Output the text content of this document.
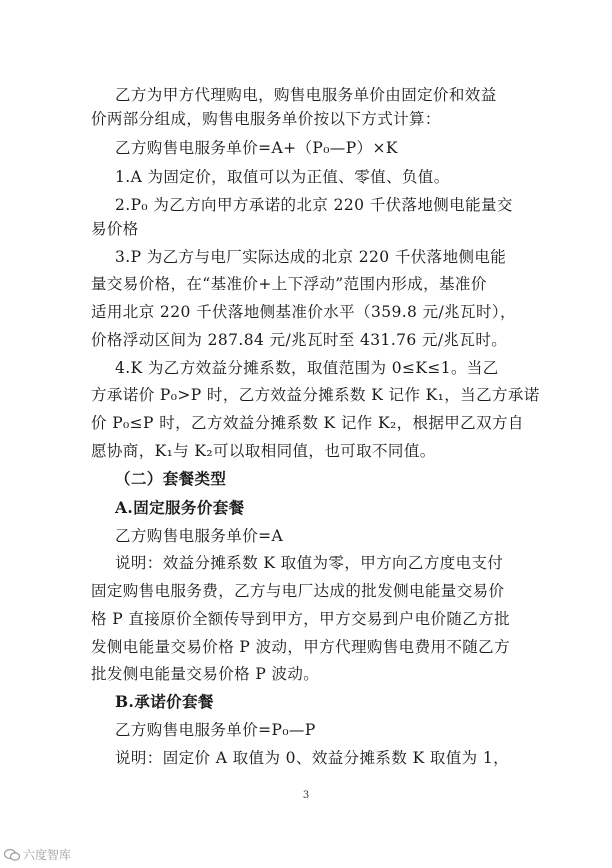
乙方为甲方代理购电，购售电服务单价由固定价和效益
价两部分组成，购售电服务单价按以下方式计算：
乙方购售电服务单价=A+（P₀—P）×K
1.A 为固定价，取值可以为正值、零值、负值。
2.P₀ 为乙方向甲方承诺的北京 220 千伏落地侧电能量交
易价格
3.P 为乙方与电厂实际达成的北京 220 千伏落地侧电能
量交易价格，在“基准价+上下浮动”范围内形成，基准价
适用北京 220 千伏落地侧基准价水平（359.8 元/兆瓦时），
价格浮动区间为 287.84 元/兆瓦时至 431.76 元/兆瓦时。
4.K 为乙方效益分摊系数，取值范围为 0≤K≤1。当乙
方承诺价 P₀>P 时，乙方效益分摊系数 K 记作 K₁，当乙方承诺
价 P₀≤P 时，乙方效益分摊系数 K 记作 K₂，根据甲乙双方自
愿协商，K₁与 K₂可以取相同值，也可取不同值。
（二）套餐类型
A.固定服务价套餐
乙方购售电服务单价=A
说明：效益分摊系数 K 取值为零，甲方向乙方度电支付
固定购售电服务费，乙方与电厂达成的批发侧电能量交易价
格 P 直接原价全额传导到甲方，甲方交易到户电价随乙方批
发侧电能量交易价格 P 波动，甲方代理购售电费用不随乙方
批发侧电能量交易价格 P 波动。
B.承诺价套餐
乙方购售电服务单价=P₀—P
说明：固定价 A 取值为 0、效益分摊系数 K 取值为 1，
3
六度智库
